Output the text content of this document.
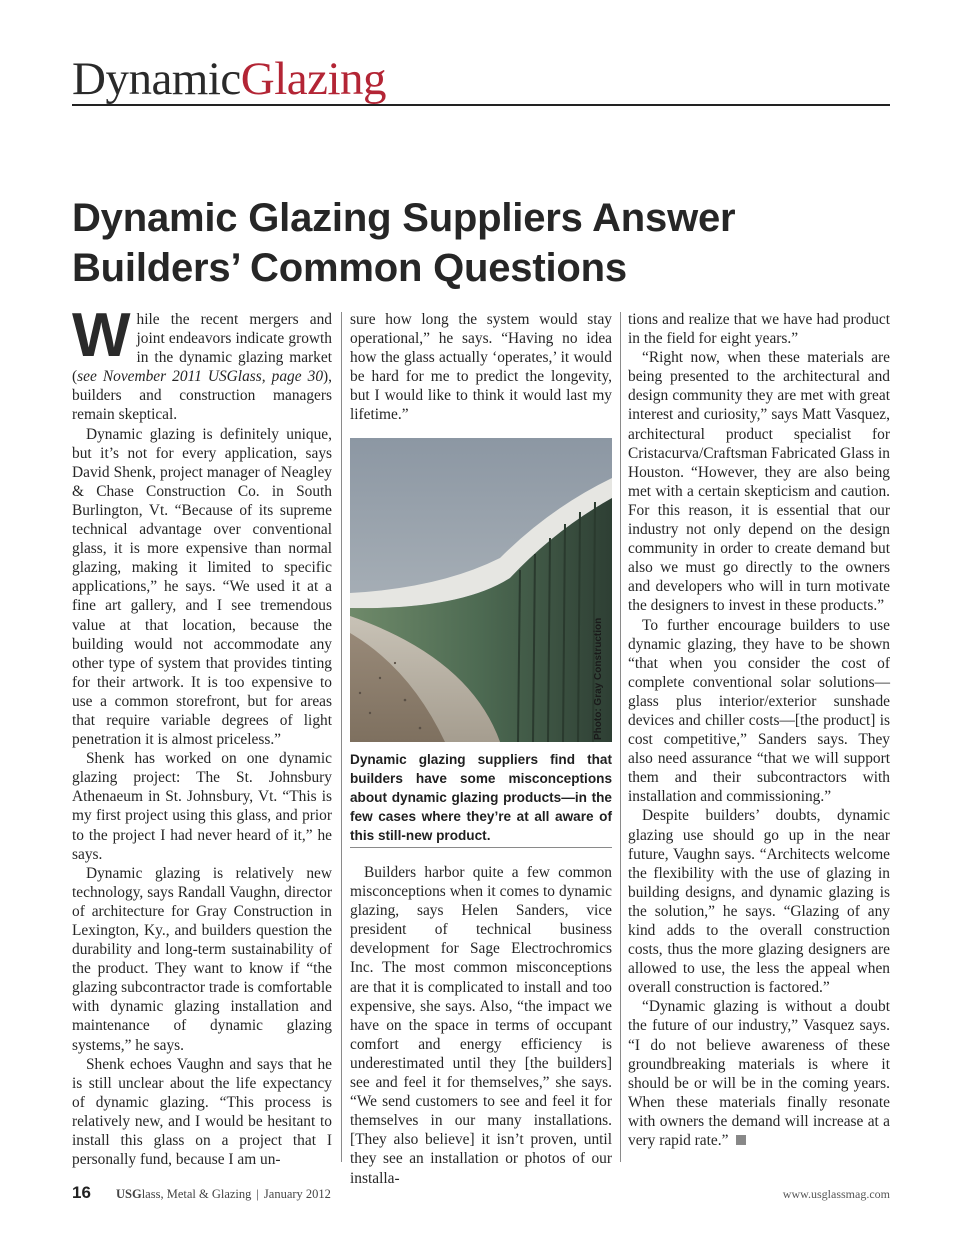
DynamicGlazing
Dynamic Glazing Suppliers Answer
Builders’ Common Questions

While the recent mergers and joint endeavors indicate growth in the dynamic glazing market (see November 2011 USGlass, page 30), builders and construction managers remain skeptical.

Dynamic glazing is definitely unique, but it’s not for every application, says David Shenk, project manager of Neagley & Chase Construction Co. in South Burlington, Vt. “Because of its supreme technical advantage over conventional glass, it is more expensive than normal glazing, making it limited to specific applications,” he says. “We used it at a fine art gallery, and I see tremendous value at that location, because the building would not accommodate any other type of system that provides tinting for their artwork. It is too expensive to use a common storefront, but for areas that require variable degrees of light penetration it is almost priceless.”

Shenk has worked on one dynamic glazing project: The St. Johnsbury Athenaeum in St. Johnsbury, Vt. “This is my first project using this glass, and prior to the project I had never heard of it,” he says.

Dynamic glazing is relatively new technology, says Randall Vaughn, director of architecture for Gray Construction in Lexington, Ky., and builders question the durability and long-term sustainability of the product. They want to know if “the glazing subcontractor trade is comfortable with dynamic glazing installation and maintenance of dynamic glazing systems,” he says.

Shenk echoes Vaughn and says that he is still unclear about the life expectancy of dynamic glazing. “This process is relatively new, and I would be hesitant to install this glass on a project that I personally fund, because I am un-

sure how long the system would stay operational,” he says. “Having no idea how the glass actually ‘operates,’ it would be hard for me to predict the longevity, but I would like to think it would last my lifetime.”

Photo: Gray Construction
Dynamic glazing suppliers find that builders have some misconceptions about dynamic glazing products—in the few cases where they’re at all aware of this still-new product.

Builders harbor quite a few common misconceptions when it comes to dynamic glazing, says Helen Sanders, vice president of technical business development for Sage Electrochromics Inc. The most common misconceptions are that it is complicated to install and too expensive, she says. Also, “the impact we have on the space in terms of occupant comfort and energy efficiency is underestimated until they [the builders] see and feel it for themselves,” she says. “We send customers to see and feel it for themselves in our many installations. [They also believe] it isn’t proven, until they see an installation or photos of our installa-

tions and realize that we have had product in the field for eight years.”

“Right now, when these materials are being presented to the architectural and design community they are met with great interest and curiosity,” says Matt Vasquez, architectural product specialist for Cristacurva/Craftsman Fabricated Glass in Houston. “However, they are also being met with a certain skepticism and caution. For this reason, it is essential that our industry not only depend on the design community in order to create demand but also we must go directly to the owners and developers who will in turn motivate the designers to invest in these products.”

To further encourage builders to use dynamic glazing, they have to be shown “that when you consider the cost of complete conventional solar solutions—glass plus interior/exterior sunshade devices and chiller costs—[the product] is cost competitive,” Sanders says. They also need assurance “that we will support them and their subcontractors with installation and commissioning.”

Despite builders’ doubts, dynamic glazing use should go up in the near future, Vaughn says. “Architects welcome the flexibility with the use of glazing in building designs, and dynamic glazing is the solution,” he says. “Glazing of any kind adds to the overall construction costs, thus the more glazing designers are allowed to use, the less the appeal when overall construction is factored.”

“Dynamic glazing is without a doubt the future of our industry,” Vasquez says. “I do not believe awareness of these groundbreaking materials is where it should be or will be in the coming years. When these materials finally resonate with owners the demand will increase at a very rapid rate.”

16 USGlass, Metal & Glazing | January 2012	www.usglassmag.com
